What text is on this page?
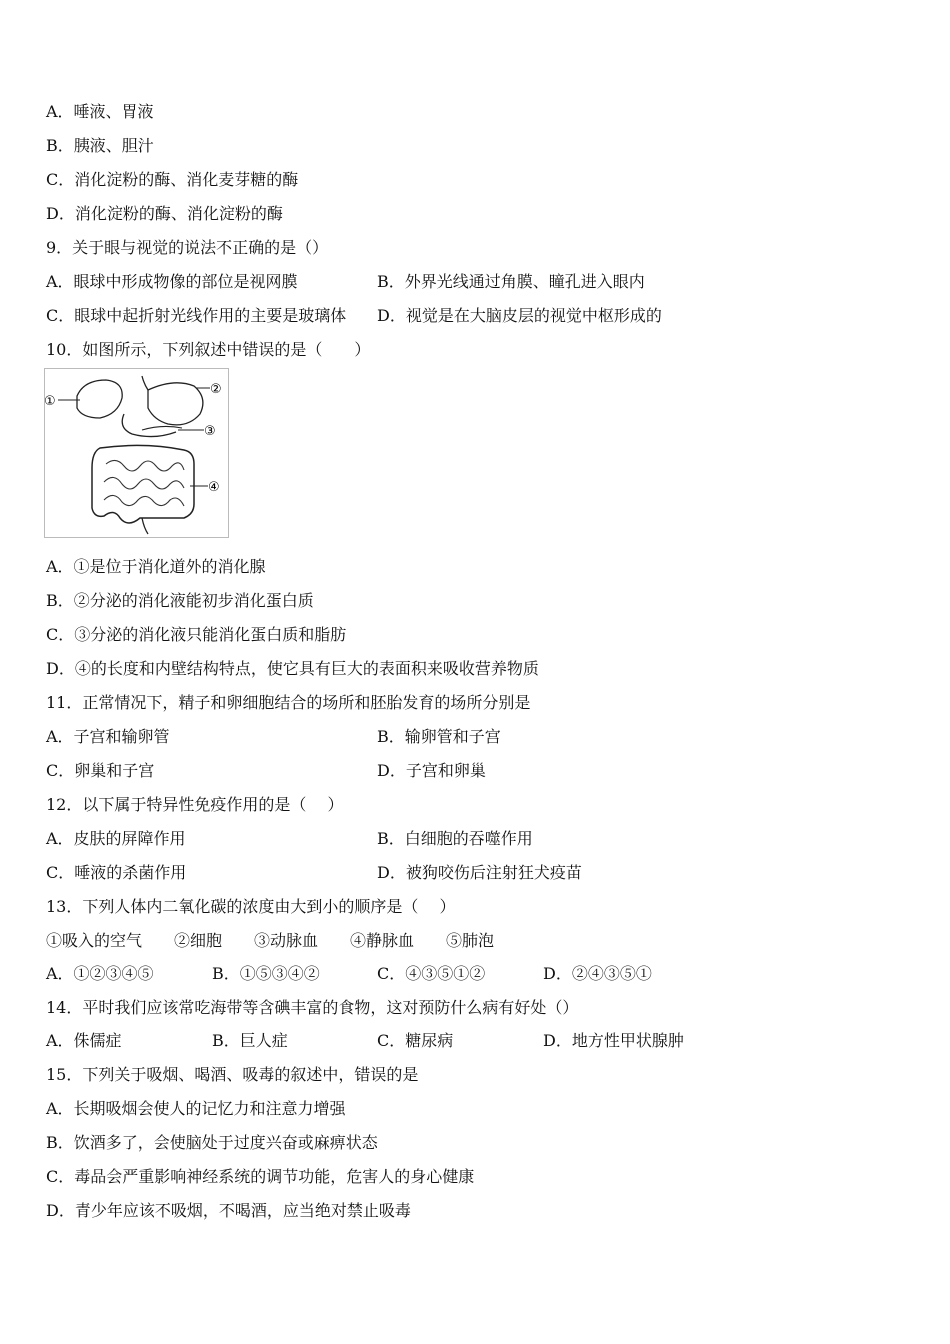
A．唾液、胃液
B．胰液、胆汁
C．消化淀粉的酶、消化麦芽糖的酶
D．消化淀粉的酶、消化淀粉的酶
9．关于眼与视觉的说法不正确的是（）
A．眼球中形成物像的部位是视网膜	B．外界光线通过角膜、瞳孔进入眼内
C．眼球中起折射光线作用的主要是玻璃体 D．视觉是在大脑皮层的视觉中枢形成的
10．如图所示，下列叙述中错误的是（　　）
①
②
③
④
A．①是位于消化道外的消化腺
B．②分泌的消化液能初步消化蛋白质
C．③分泌的消化液只能消化蛋白质和脂肪
D．④的长度和内壁结构特点，使它具有巨大的表面积来吸收营养物质
11．正常情况下，精子和卵细胞结合的场所和胚胎发育的场所分别是
A．子宫和输卵管	B．输卵管和子宫
C．卵巢和子宫	D．子宫和卵巢
12．以下属于特异性免疫作用的是（　 ）
A．皮肤的屏障作用	B．白细胞的吞噬作用
C．唾液的杀菌作用	D．被狗咬伤后注射狂犬疫苗
13．下列人体内二氧化碳的浓度由大到小的顺序是（　 ）
①吸入的空气　　②细胞　　③动脉血　　④静脉血　　⑤肺泡
A．①②③④⑤	B．①⑤③④②	C．④③⑤①②	D．②④③⑤①
14．平时我们应该常吃海带等含碘丰富的食物，这对预防什么病有好处（）
A．侏儒症	B．巨人症	C．糖尿病	D．地方性甲状腺肿
15．下列关于吸烟、喝酒、吸毒的叙述中，错误的是
A．长期吸烟会使人的记忆力和注意力增强
B．饮酒多了，会使脑处于过度兴奋或麻痹状态
C．毒品会严重影响神经系统的调节功能，危害人的身心健康
D．青少年应该不吸烟，不喝酒，应当绝对禁止吸毒
